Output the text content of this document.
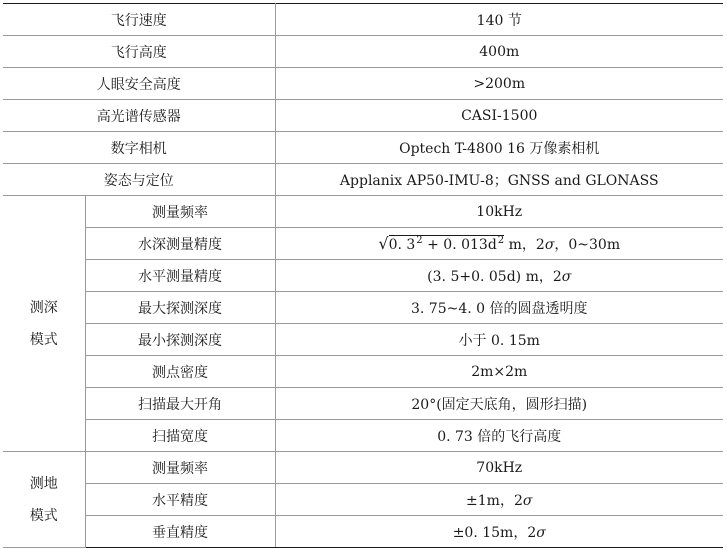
飞行速度		140 节
飞行高度		400m
人眼安全高度		>200m
高光谱传感器		CASI-1500
数字相机		Optech T-4800 16 万像素相机
姿态与定位		Applanix AP50-IMU-8；GNSS and GLONASS

测深
模式	测量频率	10kHz
	水深测量精度	√0. $3^2 + 0$. $013d^2$ m，2σ，0~30m
	水平测量精度	(3. 5+0. 05d) m，2σ
	最大探测深度	3. 75~4. 0 倍的圆盘透明度
	最小探测深度	小于 0. 15m
	测点密度	2m×2m
	扫描最大开角	20°(固定天底角，圆形扫描)
	扫描宽度	0. 73 倍的飞行高度

测地
模式	测量频率	70kHz
	水平精度	±1m，2σ
	垂直精度	±0. 15m，2σ
